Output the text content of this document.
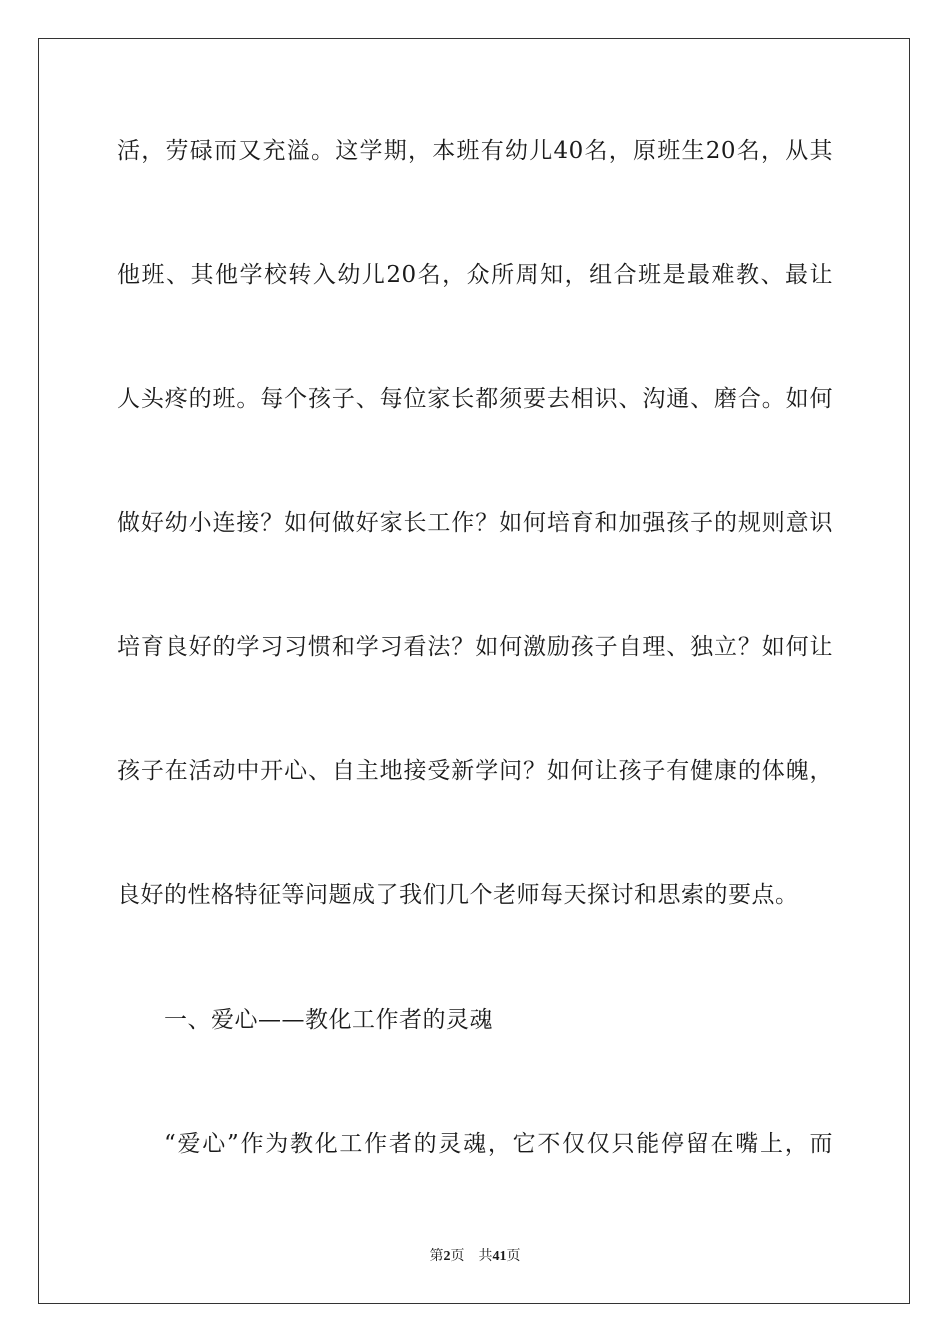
活，劳碌而又充溢。这学期，本班有幼儿40名，原班生20名，从其
他班、其他学校转入幼儿20名，众所周知，组合班是最难教、最让
人头疼的班。每个孩子、每位家长都须要去相识、沟通、磨合。如何
做好幼小连接？如何做好家长工作？如何培育和加强孩子的规则意识
培育良好的学习习惯和学习看法？如何激励孩子自理、独立？如何让
孩子在活动中开心、自主地接受新学问？如何让孩子有健康的体魄，
良好的性格特征等问题成了我们几个老师每天探讨和思索的要点。
一、爱心——教化工作者的灵魂
“爱心”作为教化工作者的灵魂，它不仅仅只能停留在嘴上，而
第2页 共41页
